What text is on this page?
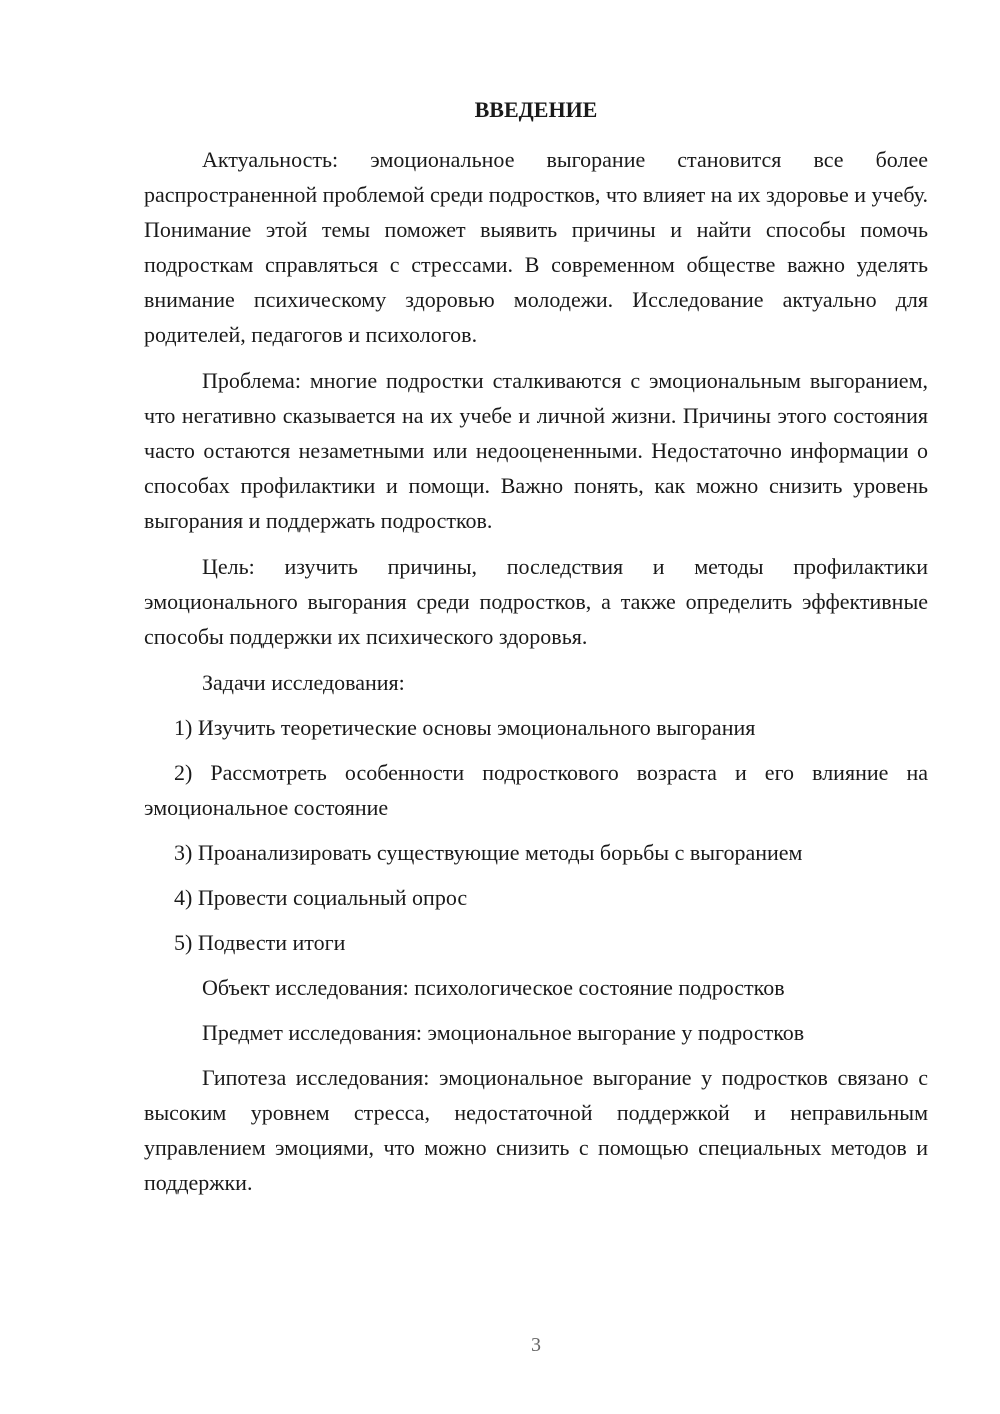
ВВЕДЕНИЕ

Актуальность: эмоциональное выгорание становится все более распространенной проблемой среди подростков, что влияет на их здоровье и учебу. Понимание этой темы поможет выявить причины и найти способы помочь подросткам справляться с стрессами. В современном обществе важно уделять внимание психическому здоровью молодежи. Исследование актуально для родителей, педагогов и психологов.

Проблема: многие подростки сталкиваются с эмоциональным выгоранием, что негативно сказывается на их учебе и личной жизни. Причины этого состояния часто остаются незаметными или недооцененными. Недостаточно информации о способах профилактики и помощи. Важно понять, как можно снизить уровень выгорания и поддержать подростков.

Цель: изучить причины, последствия и методы профилактики эмоционального выгорания среди подростков, а также определить эффективные способы поддержки их психического здоровья.

Задачи исследования:

1) Изучить теоретические основы эмоционального выгорания

2) Рассмотреть особенности подросткового возраста и его влияние на эмоциональное состояние

3) Проанализировать существующие методы борьбы с выгоранием

4) Провести социальный опрос

5) Подвести итоги

Объект исследования: психологическое состояние подростков

Предмет исследования: эмоциональное выгорание у подростков

Гипотеза исследования: эмоциональное выгорание у подростков связано с высоким уровнем стресса, недостаточной поддержкой и неправильным управлением эмоциями, что можно снизить с помощью специальных методов и поддержки.

3
